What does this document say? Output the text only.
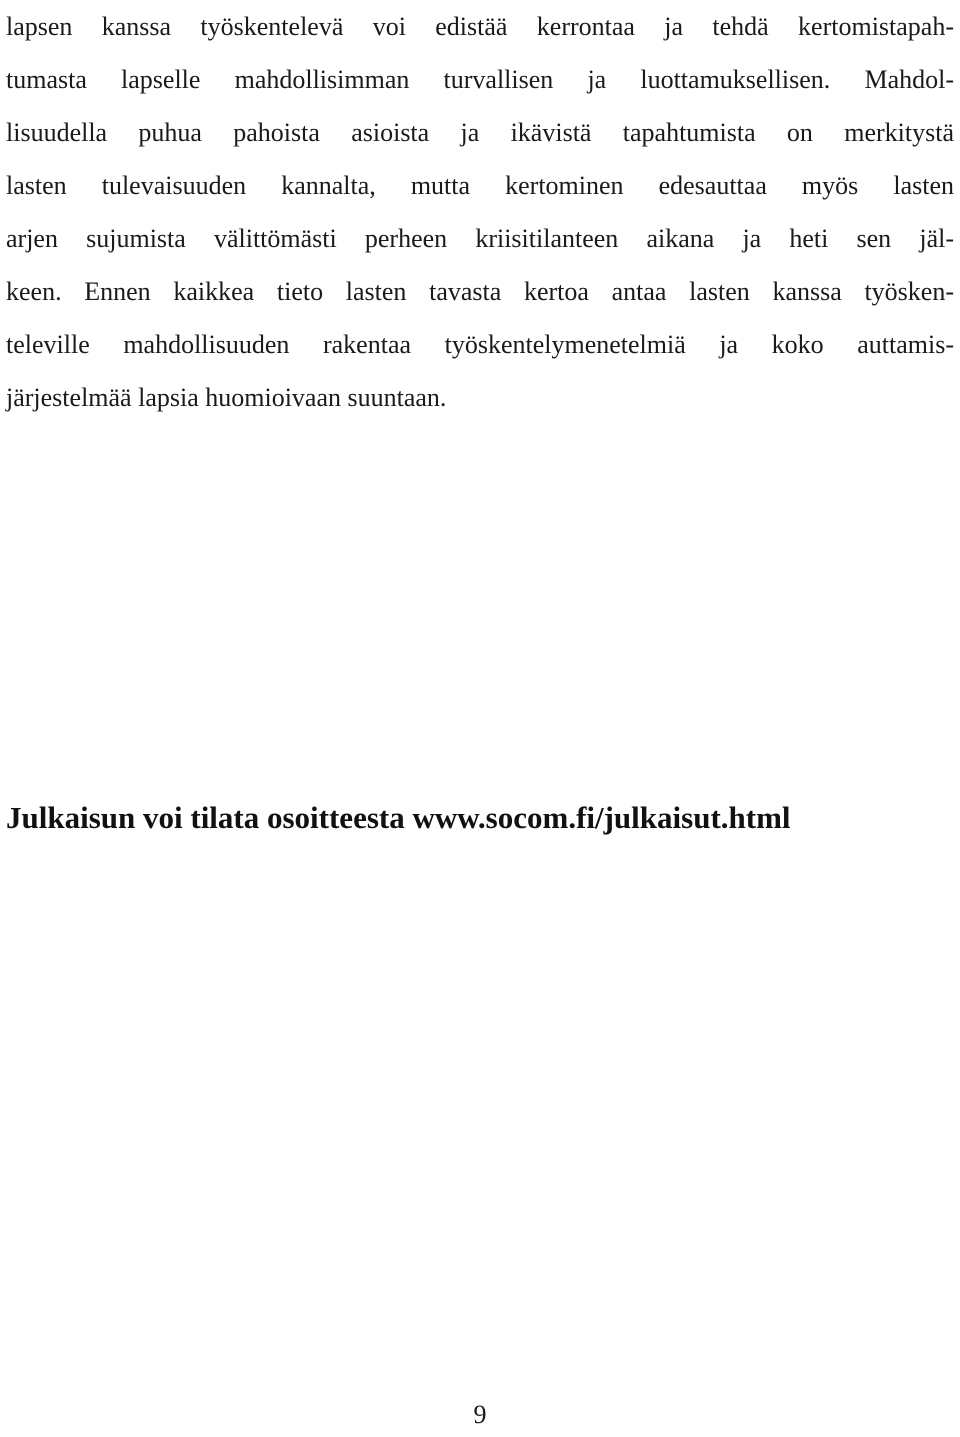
lapsen kanssa työskentelevä voi edistää kerrontaa ja tehdä kertomistapah-
tumasta lapselle mahdollisimman turvallisen ja luottamuksellisen. Mahdol-
lisuudella puhua pahoista asioista ja ikävistä tapahtumista on merkitystä
lasten tulevaisuuden kannalta, mutta kertominen edesauttaa myös lasten
arjen sujumista välittömästi perheen kriisitilanteen aikana ja heti sen jäl-
keen. Ennen kaikkea tieto lasten tavasta kertoa antaa lasten kanssa työsken-
televille mahdollisuuden rakentaa työskentelymenetelmiä ja koko auttamis-
järjestelmää lapsia huomioivaan suuntaan.
Julkaisun voi tilata osoitteesta www.socom.fi/julkaisut.html
9
